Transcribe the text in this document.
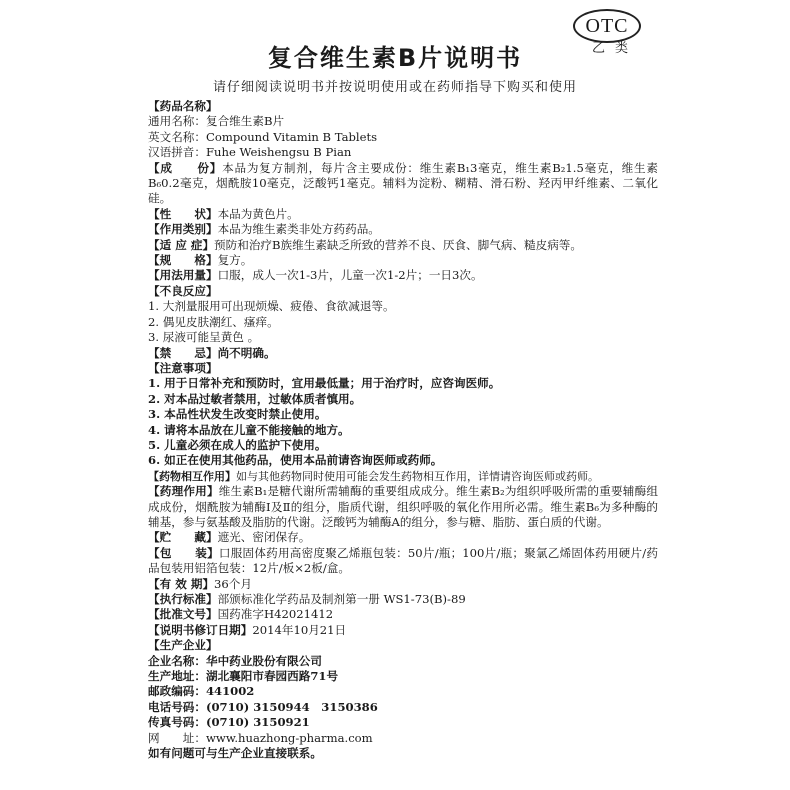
OTC
乙类
复合维生素B片说明书
请仔细阅读说明书并按说明使用或在药师指导下购买和使用
【药品名称】
通用名称：复合维生素B片
英文名称：Compound Vitamin B Tablets
汉语拼音：Fuhe Weishengsu B Pian
【成　　份】本品为复方制剂，每片含主要成份：维生素B₁3毫克，维生素B₂1.5毫克，维生素B₆0.2毫克，烟酰胺10毫克，泛酸钙1毫克。辅料为淀粉、糊精、滑石粉、羟丙甲纤维素、二氧化硅。
【性　　状】本品为黄色片。
【作用类别】本品为维生素类非处方药药品。
【适 应 症】预防和治疗B族维生素缺乏所致的营养不良、厌食、脚气病、糙皮病等。
【规　　格】复方。
【用法用量】口服，成人一次1-3片，儿童一次1-2片；一日3次。
【不良反应】
1. 大剂量服用可出现烦燥、疲倦、食欲减退等。
2. 偶见皮肤潮红、瘙痒。
3. 尿液可能呈黄色 。
【禁　　忌】尚不明确。
【注意事项】
1. 用于日常补充和预防时，宜用最低量；用于治疗时，应咨询医师。
2. 对本品过敏者禁用，过敏体质者慎用。
3. 本品性状发生改变时禁止使用。
4. 请将本品放在儿童不能接触的地方。
5. 儿童必须在成人的监护下使用。
6. 如正在使用其他药品，使用本品前请咨询医师或药师。
【药物相互作用】如与其他药物同时使用可能会发生药物相互作用，详情请咨询医师或药师。
【药理作用】维生素B₁是糖代谢所需辅酶的重要组成成分。维生素B₂为组织呼吸所需的重要辅酶组成成份，烟酰胺为辅酶Ⅰ及Ⅱ的组分，脂质代谢，组织呼吸的氧化作用所必需。维生素B₆为多种酶的辅基，参与氨基酸及脂肪的代谢。泛酸钙为辅酶A的组分，参与糖、脂肪、蛋白质的代谢。
【贮　　藏】遮光、密闭保存。
【包　　装】口服固体药用高密度聚乙烯瓶包装：50片/瓶；100片/瓶；聚氯乙烯固体药用硬片/药品包装用铝箔包装：12片/板×2板/盒。
【有 效 期】36个月
【执行标准】部颁标准化学药品及制剂第一册 WS1-73(B)-89
【批准文号】国药准字H42021412
【说明书修订日期】2014年10月21日
【生产企业】
企业名称：华中药业股份有限公司
生产地址：湖北襄阳市春园西路71号
邮政编码：441002
电话号码：(0710) 3150944　3150386
传真号码：(0710) 3150921
网　　址：www.huazhong-pharma.com
如有问题可与生产企业直接联系。
